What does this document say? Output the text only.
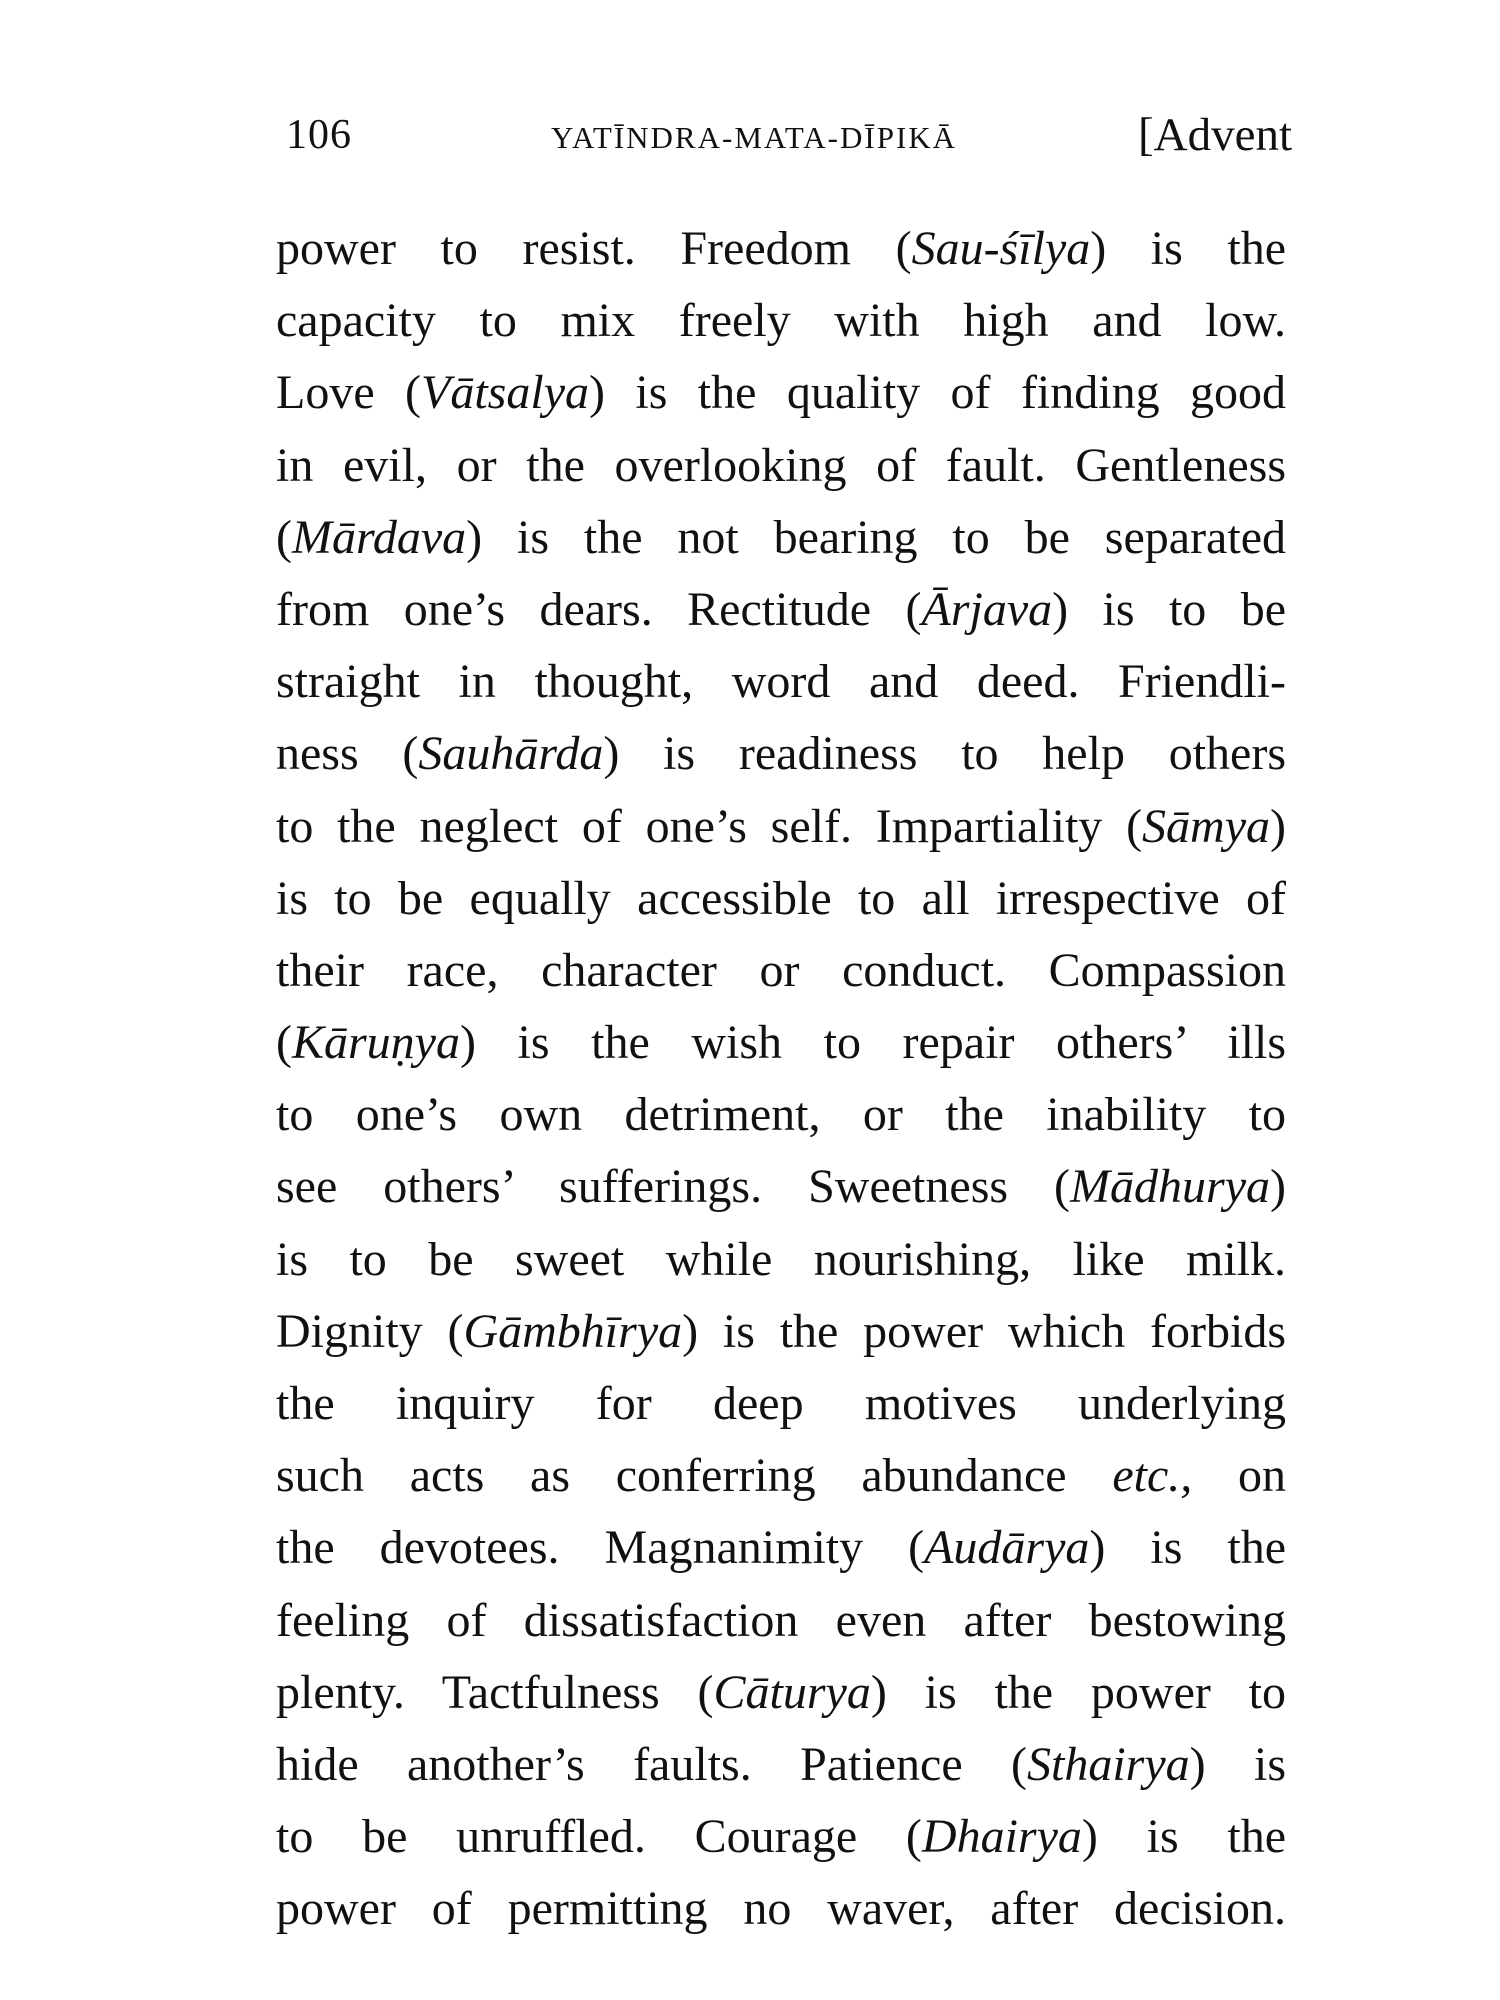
106	YATĪNDRA-MATA-DĪPIKĀ	[Advent
power to resist. Freedom (Sau-śīlya) is the
capacity to mix freely with high and low.
Love (Vātsalya) is the quality of finding good
in evil, or the overlooking of fault. Gentleness
(Mārdava) is the not bearing to be separated
from one’s dears. Rectitude (Ārjava) is to be
straight in thought, word and deed. Friendli-
ness (Sauhārda) is readiness to help others
to the neglect of one’s self. Impartiality (Sāmya)
is to be equally accessible to all irrespective of
their race, character or conduct. Compassion
(Kāruṇya) is the wish to repair others’ ills
to one’s own detriment, or the inability to
see others’ sufferings. Sweetness (Mādhurya)
is to be sweet while nourishing, like milk.
Dignity (Gāmbhīrya) is the power which forbids
the inquiry for deep motives underlying
such acts as conferring abundance etc., on
the devotees. Magnanimity (Audārya) is the
feeling of dissatisfaction even after bestowing
plenty. Tactfulness (Cāturya) is the power to
hide another’s faults. Patience (Sthairya) is
to be unruffled. Courage (Dhairya) is the
power of permitting no waver, after decision.
